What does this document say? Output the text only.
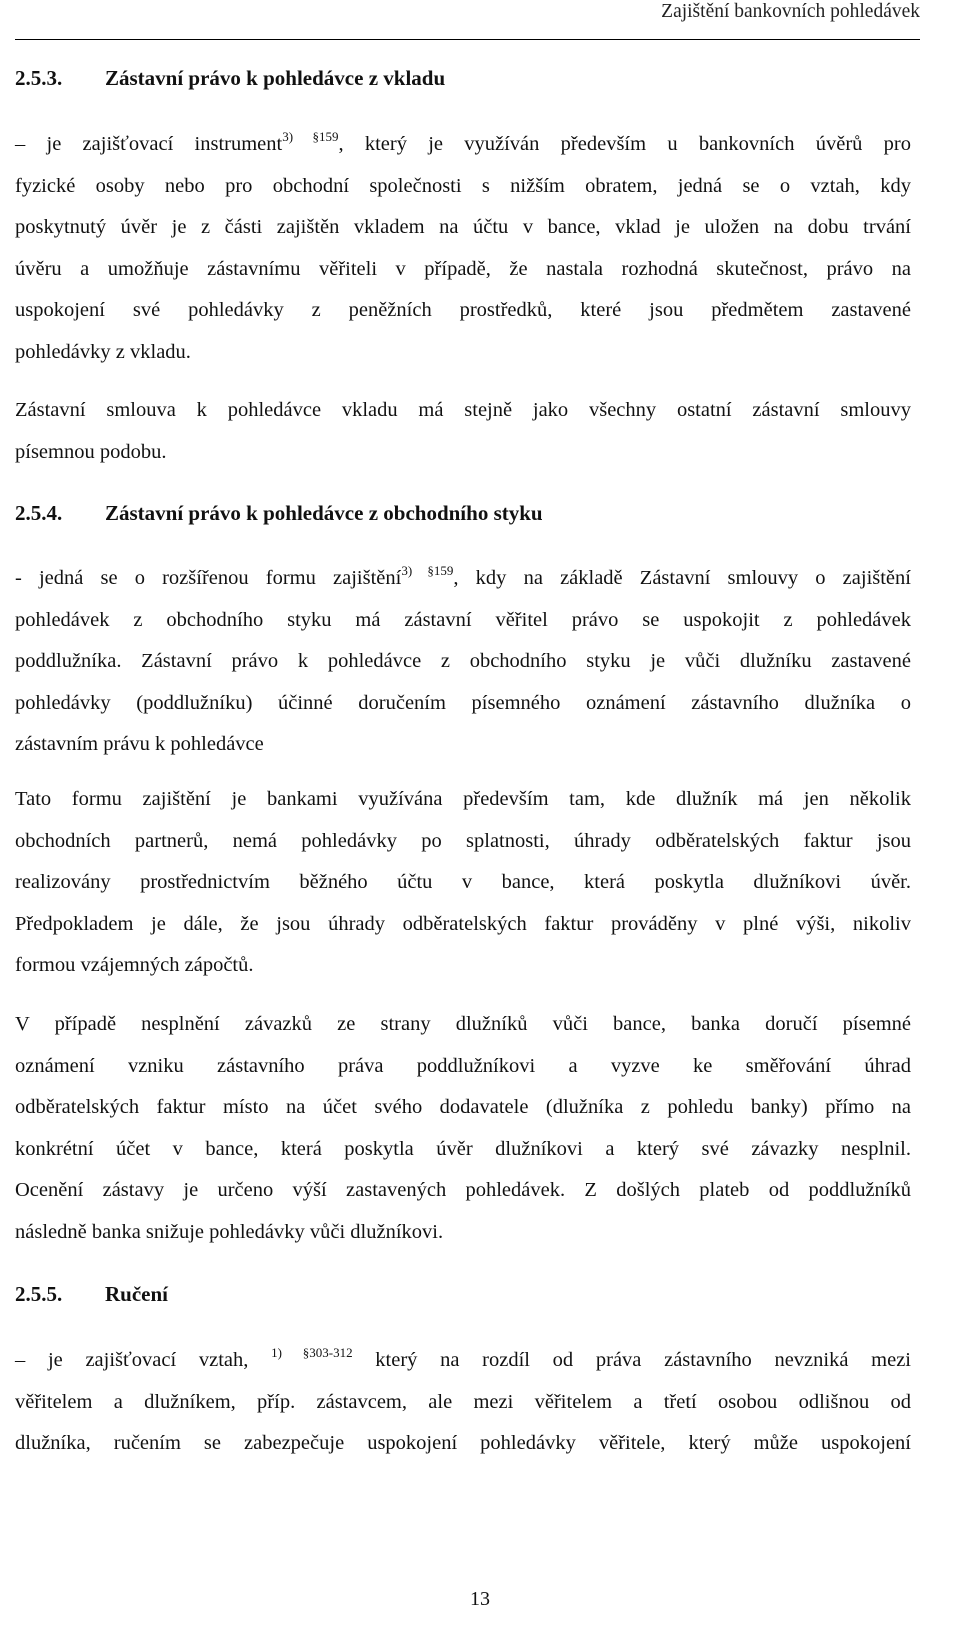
Zajištění bankovních pohledávek
2.5.3. Zástavní právo k pohledávce z vkladu
– je zajišťovací instrument$^{3) \S 159}$, který je využíván především u bankovních úvěrů pro
fyzické osoby nebo pro obchodní společnosti s nižším obratem, jedná se o vztah, kdy
poskytnutý úvěr je z části zajištěn vkladem na účtu v bance, vklad je uložen na dobu trvání
úvěru a umožňuje zástavnímu věřiteli v případě, že nastala rozhodná skutečnost, právo na
uspokojení své pohledávky z peněžních prostředků, které jsou předmětem zastavené
pohledávky z vkladu.
Zástavní smlouva k pohledávce vkladu má stejně jako všechny ostatní zástavní smlouvy
písemnou podobu.
2.5.4. Zástavní právo k pohledávce z obchodního styku
- jedná se o rozšířenou formu zajištění$^{3) \S 159}$, kdy na základě Zástavní smlouvy o zajištění
pohledávek z obchodního styku má zástavní věřitel právo se uspokojit z pohledávek
poddlužníka. Zástavní právo k pohledávce z obchodního styku je vůči dlužníku zastavené
pohledávky (poddlužníku) účinné doručením písemného oznámení zástavního dlužníka o
zástavním právu k pohledávce
Tato formu zajištění je bankami využívána především tam, kde dlužník má jen několik
obchodních partnerů, nemá pohledávky po splatnosti, úhrady odběratelských faktur jsou
realizovány prostřednictvím běžného účtu v bance, která poskytla dlužníkovi úvěr.
Předpokladem je dále, že jsou úhrady odběratelských faktur prováděny v plné výši, nikoliv
formou vzájemných zápočtů.
V případě nesplnění závazků ze strany dlužníků vůči bance, banka doručí písemné
oznámení vzniku zástavního práva poddlužníkovi a vyzve ke směřování úhrad
odběratelských faktur místo na účet svého dodavatele (dlužníka z pohledu banky) přímo na
konkrétní účet v bance, která poskytla úvěr dlužníkovi a který své závazky nesplnil.
Ocenění zástavy je určeno výší zastavených pohledávek. Z došlých plateb od poddlužníků
následně banka snižuje pohledávky vůči dlužníkovi.
2.5.5. Ručení
– je zajišťovací vztah, $^{1) \S 303-312}$ který na rozdíl od práva zástavního nevzniká mezi
věřitelem a dlužníkem, příp. zástavcem, ale mezi věřitelem a třetí osobou odlišnou od
dlužníka, ručením se zabezpečuje uspokojení pohledávky věřitele, který může uspokojení
13
